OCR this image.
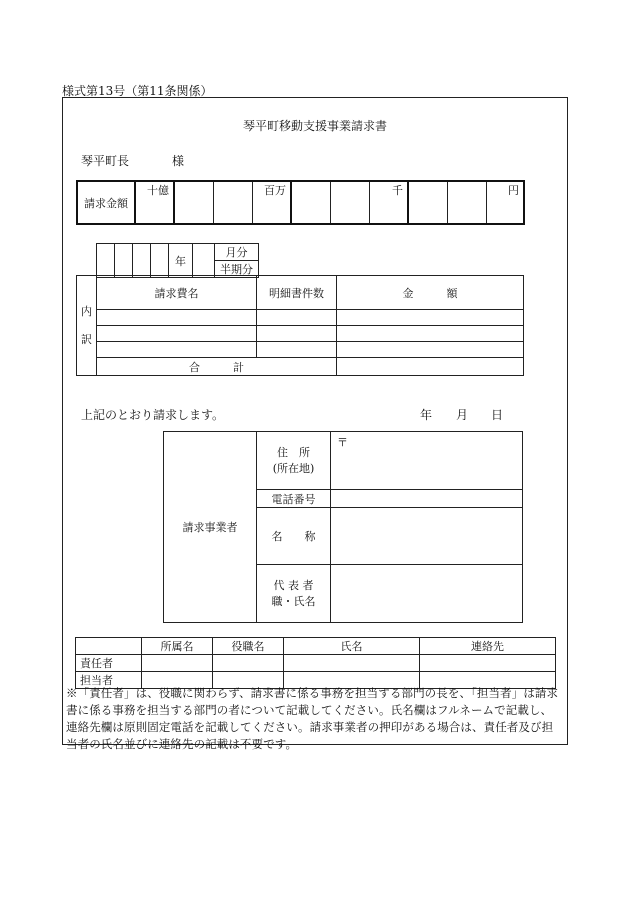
様式第13号（第11条関係）
琴平町移動支援事業請求書
琴平町長	様
請求金額	十億			百万			千			円
				年		月分
半期分
内
訳	請求費名	明細書件数	金　　　額

	合　　　計		
上記のとおり請求します。	年 月 日
請求事業者	住　所
(所在地)	〒
	電話番号	
	名　　称	
	代 表 者
職・氏名	
	所属名	役職名	氏名	連絡先
責任者				
担当者				
※「責任者」は、役職に関わらず、請求書に係る事務を担当する部門の長を、「担当者」は請求書に係る事務を担当する部門の者について記載してください。氏名欄はフルネームで記載し、連絡先欄は原則固定電話を記載してください。請求事業者の押印がある場合は、責任者及び担当者の氏名並びに連絡先の記載は不要です。
